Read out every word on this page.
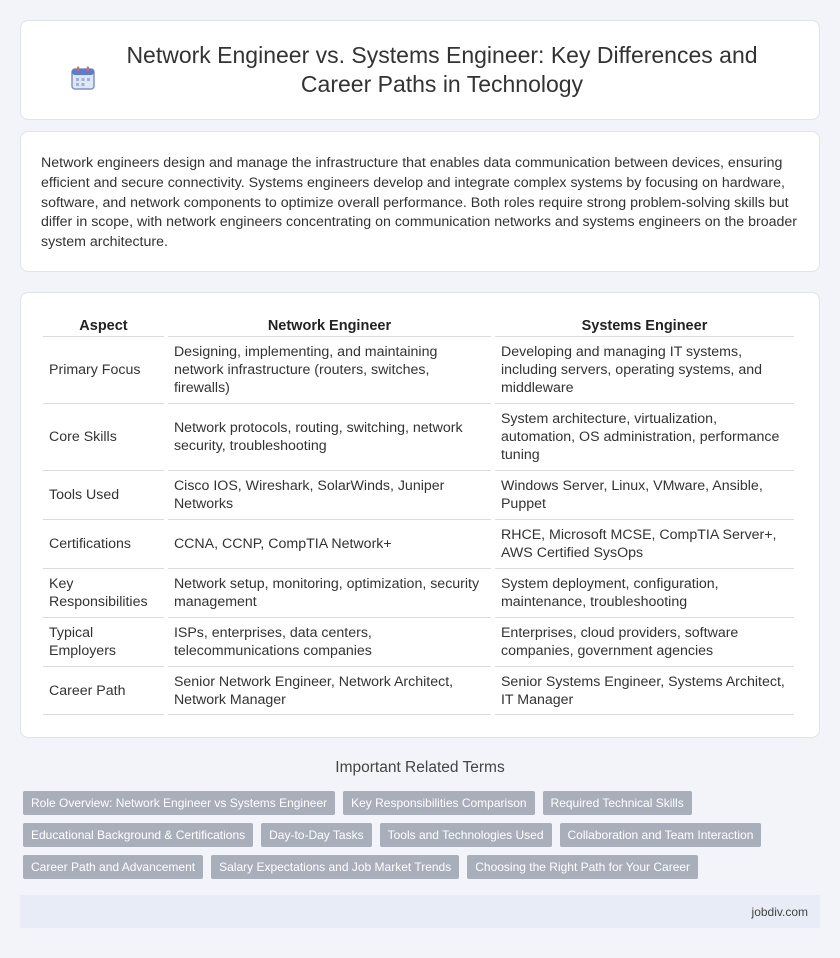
Network Engineer vs. Systems Engineer: Key Differences and Career Paths in Technology

Network engineers design and manage the infrastructure that enables data communication between devices, ensuring efficient and secure connectivity. Systems engineers develop and integrate complex systems by focusing on hardware, software, and network components to optimize overall performance. Both roles require strong problem-solving skills but differ in scope, with network engineers concentrating on communication networks and systems engineers on the broader system architecture.

Aspect	Network Engineer	Systems Engineer
Primary Focus	Designing, implementing, and maintaining network infrastructure (routers, switches, firewalls)	Developing and managing IT systems, including servers, operating systems, and middleware
Core Skills	Network protocols, routing, switching, network security, troubleshooting	System architecture, virtualization, automation, OS administration, performance tuning
Tools Used	Cisco IOS, Wireshark, SolarWinds, Juniper Networks	Windows Server, Linux, VMware, Ansible, Puppet
Certifications	CCNA, CCNP, CompTIA Network+	RHCE, Microsoft MCSE, CompTIA Server+, AWS Certified SysOps
Key Responsibilities	Network setup, monitoring, optimization, security management	System deployment, configuration, maintenance, troubleshooting
Typical Employers	ISPs, enterprises, data centers, telecommunications companies	Enterprises, cloud providers, software companies, government agencies
Career Path	Senior Network Engineer, Network Architect, Network Manager	Senior Systems Engineer, Systems Architect, IT Manager
Important Related Terms
Role Overview: Network Engineer vs Systems Engineer	Key Responsibilities Comparison	Required Technical Skills
Educational Background & Certifications	Day-to-Day Tasks	Tools and Technologies Used	Collaboration and Team Interaction
Career Path and Advancement	Salary Expectations and Job Market Trends	Choosing the Right Path for Your Career
jobdiv.com
